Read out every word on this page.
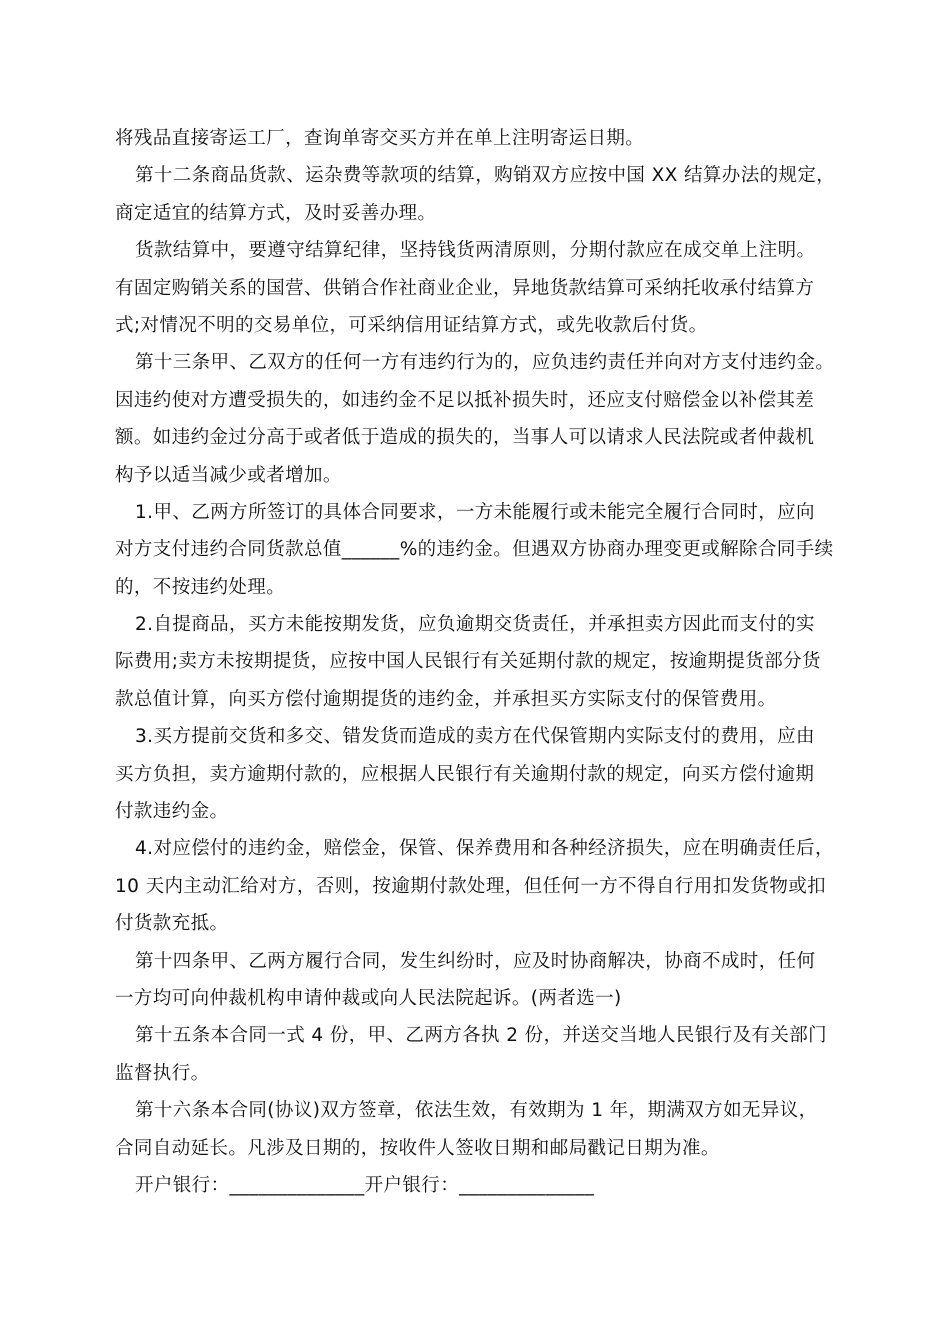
将残品直接寄运工厂，查询单寄交买方并在单上注明寄运日期。
第十二条商品货款、运杂费等款项的结算，购销双方应按中国 XX 结算办法的规定，
商定适宜的结算方式，及时妥善办理。
货款结算中，要遵守结算纪律，坚持钱货两清原则，分期付款应在成交单上注明。
有固定购销关系的国营、供销合作社商业企业，异地货款结算可采纳托收承付结算方
式;对情况不明的交易单位，可采纳信用证结算方式，或先收款后付货。
第十三条甲、乙双方的任何一方有违约行为的，应负违约责任并向对方支付违约金。
因违约使对方遭受损失的，如违约金不足以抵补损失时，还应支付赔偿金以补偿其差
额。如违约金过分高于或者低于造成的损失的，当事人可以请求人民法院或者仲裁机
构予以适当减少或者增加。
1.甲、乙两方所签订的具体合同要求，一方未能履行或未能完全履行合同时，应向
对方支付违约合同货款总值______%的违约金。但遇双方协商办理变更或解除合同手续
的，不按违约处理。
2.自提商品，买方未能按期发货，应负逾期交货责任，并承担卖方因此而支付的实
际费用;卖方未按期提货，应按中国人民银行有关延期付款的规定，按逾期提货部分货
款总值计算，向买方偿付逾期提货的违约金，并承担买方实际支付的保管费用。
3.买方提前交货和多交、错发货而造成的卖方在代保管期内实际支付的费用，应由
买方负担，卖方逾期付款的，应根据人民银行有关逾期付款的规定，向买方偿付逾期
付款违约金。
4.对应偿付的违约金，赔偿金，保管、保养费用和各种经济损失，应在明确责任后，
10 天内主动汇给对方，否则，按逾期付款处理，但任何一方不得自行用扣发货物或扣
付货款充抵。
第十四条甲、乙两方履行合同，发生纠纷时，应及时协商解决，协商不成时，任何
一方均可向仲裁机构申请仲裁或向人民法院起诉。(两者选一)
第十五条本合同一式 4 份，甲、乙两方各执 2 份，并送交当地人民银行及有关部门
监督执行。
第十六条本合同(协议)双方签章，依法生效，有效期为 1 年，期满双方如无异议，
合同自动延长。凡涉及日期的，按收件人签收日期和邮局戳记日期为准。
开户银行：______________开户银行：______________
